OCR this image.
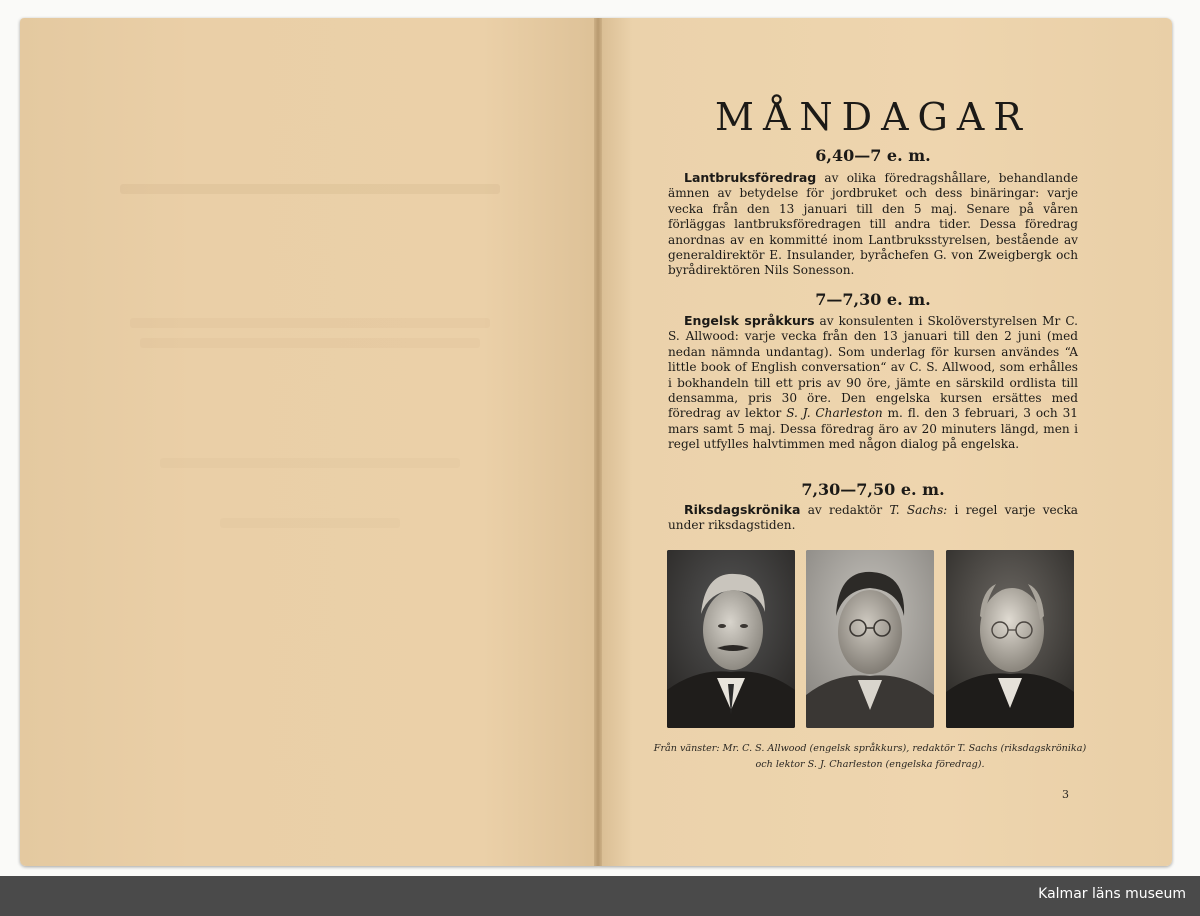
MÅNDAGAR
6,40—7 e. m.

Lantbruksföredrag av olika föredragshållare, behandlande ämnen av betydelse för jordbruket och dess binäringar: varje vecka från den 13 januari till den 5 maj. Senare på våren förläggas lantbruksföredragen till andra tider. Dessa föredrag anordnas av en kommitté inom Lantbruksstyrelsen, bestående av generaldirektör E. Insulander, byråchefen G. von Zweigbergk och byrådirektören Nils Sonesson.

7—7,30 e. m.

Engelsk språkkurs av konsulenten i Skolöverstyrelsen Mr C. S. Allwood: varje vecka från den 13 januari till den 2 juni (med nedan nämnda undantag). Som underlag för kursen användes “A little book of English conversation“ av C. S. Allwood, som erhålles i bokhandeln till ett pris av 90 öre, jämte en särskild ordlista till densamma, pris 30 öre. Den engelska kursen ersättes med föredrag av lektor S. J. Charleston m. fl. den 3 februari, 3 och 31 mars samt 5 maj. Dessa föredrag äro av 20 minuters längd, men i regel utfylles halvtimmen med någon dialog på engelska.

7,30—7,50 e. m.

Riksdagskrönika av redaktör T. Sachs: i regel varje vecka under riksdagstiden.

Från vänster: Mr. C. S. Allwood (engelsk språkkurs), redaktör T. Sachs (riksdagskrönika) och lektor S. J. Charleston (engelska föredrag).
3
Kalmar läns museum
